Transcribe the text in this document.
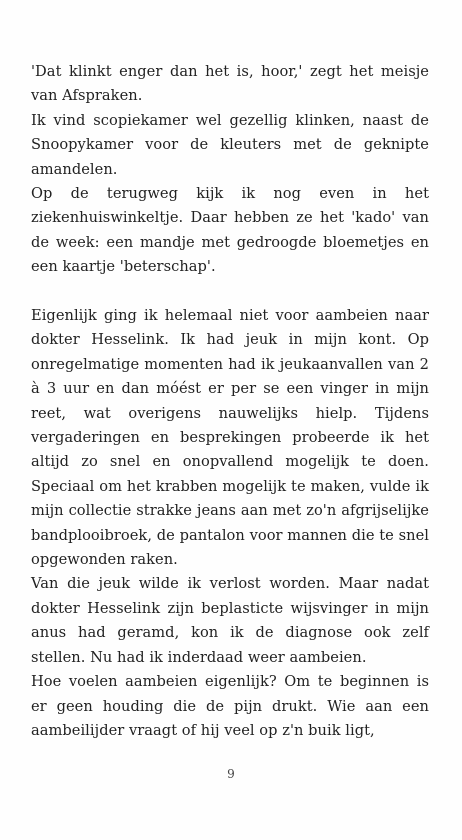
'Dat klinkt enger dan het is, hoor,' zegt het meisje van Afspraken.

Ik vind scopiekamer wel gezellig klinken, naast de Snoopykamer voor de kleuters met de geknipte amandelen.

Op de terugweg kijk ik nog even in het ziekenhuiswinkeltje. Daar hebben ze het 'kado' van de week: een mandje met gedroogde bloemetjes en een kaartje 'beterschap'.

Eigenlijk ging ik helemaal niet voor aambeien naar dokter Hesselink. Ik had jeuk in mijn kont. Op onregelmatige momenten had ik jeukaanvallen van 2 à 3 uur en dan móést er per se een vinger in mijn reet, wat overigens nauwelijks hielp. Tijdens vergaderingen en besprekingen probeerde ik het altijd zo snel en onopvallend mogelijk te doen. Speciaal om het krabben mogelijk te maken, vulde ik mijn collectie strakke jeans aan met zo'n afgrijselijke bandplooibroek, de pantalon voor mannen die te snel opgewonden raken.

Van die jeuk wilde ik verlost worden. Maar nadat dokter Hesselink zijn beplasticte wijsvinger in mijn anus had geramd, kon ik de diagnose ook zelf stellen. Nu had ik inderdaad weer aambeien.

Hoe voelen aambeien eigenlijk? Om te beginnen is er geen houding die de pijn drukt. Wie aan een aambeilijder vraagt of hij veel op z'n buik ligt,

9
